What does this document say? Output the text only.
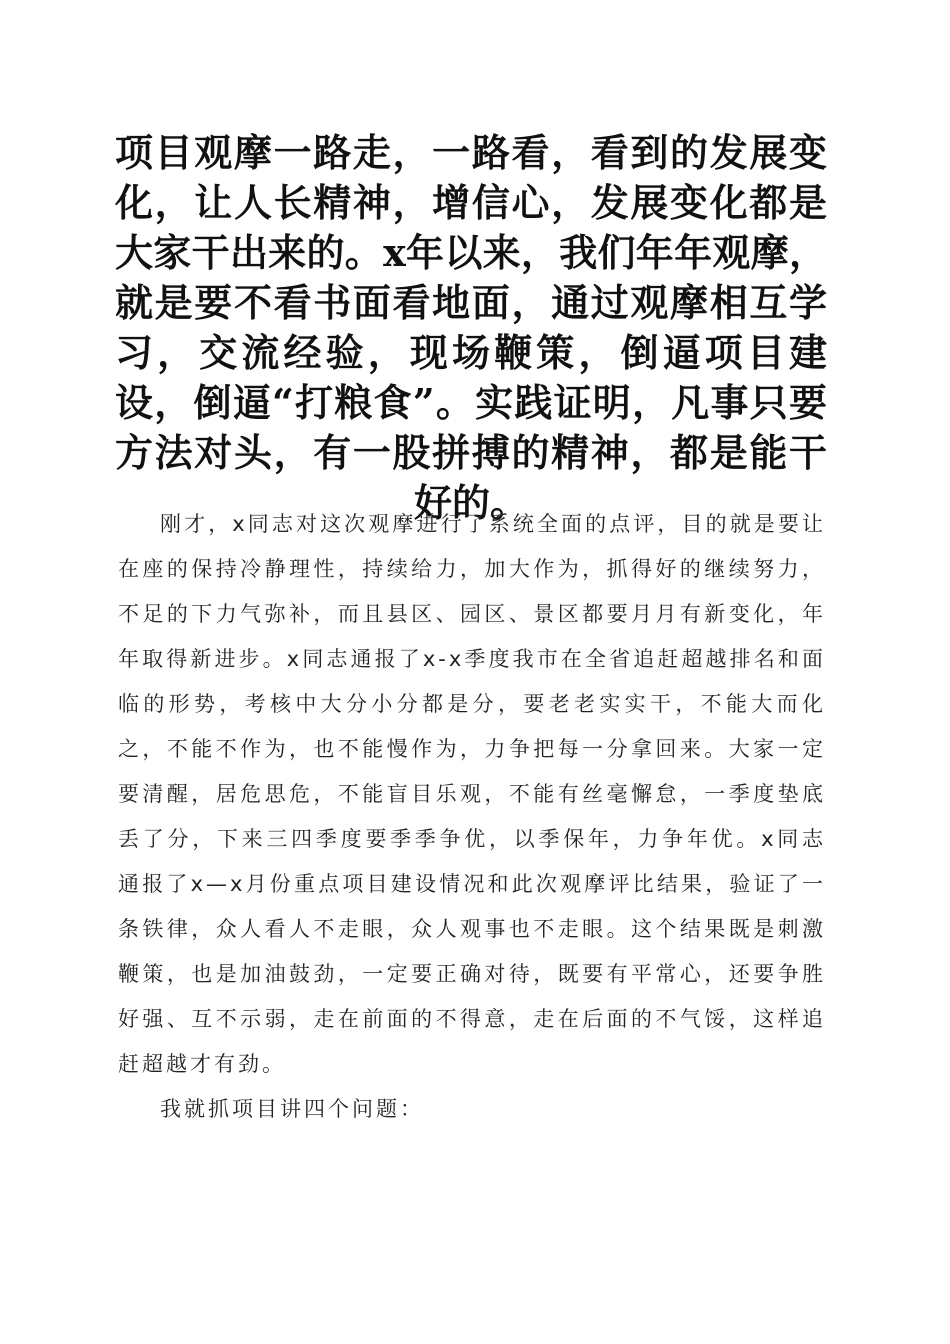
项目观摩一路走，一路看，看到的发展变化，让人长精神，增信心，发展变化都是大家干出来的。x年以来，我们年年观摩，就是要不看书面看地面，通过观摩相互学习，交流经验，现场鞭策，倒逼项目建设，倒逼“打粮食”。实践证明，凡事只要方法对头，有一股拼搏的精神，都是能干好的。

刚才，x同志对这次观摩进行了系统全面的点评，目的就是要让在座的保持冷静理性，持续给力，加大作为，抓得好的继续努力，不足的下力气弥补，而且县区、园区、景区都要月月有新变化，年年取得新进步。x同志通报了x-x季度我市在全省追赶超越排名和面临的形势，考核中大分小分都是分，要老老实实干，不能大而化之，不能不作为，也不能慢作为，力争把每一分拿回来。大家一定要清醒，居危思危，不能盲目乐观，不能有丝毫懈怠，一季度垫底丢了分，下来三四季度要季季争优，以季保年，力争年优。x同志通报了x—x月份重点项目建设情况和此次观摩评比结果，验证了一条铁律，众人看人不走眼，众人观事也不走眼。这个结果既是刺激鞭策，也是加油鼓劲，一定要正确对待，既要有平常心，还要争胜好强、互不示弱，走在前面的不得意，走在后面的不气馁，这样追赶超越才有劲。

我就抓项目讲四个问题：
